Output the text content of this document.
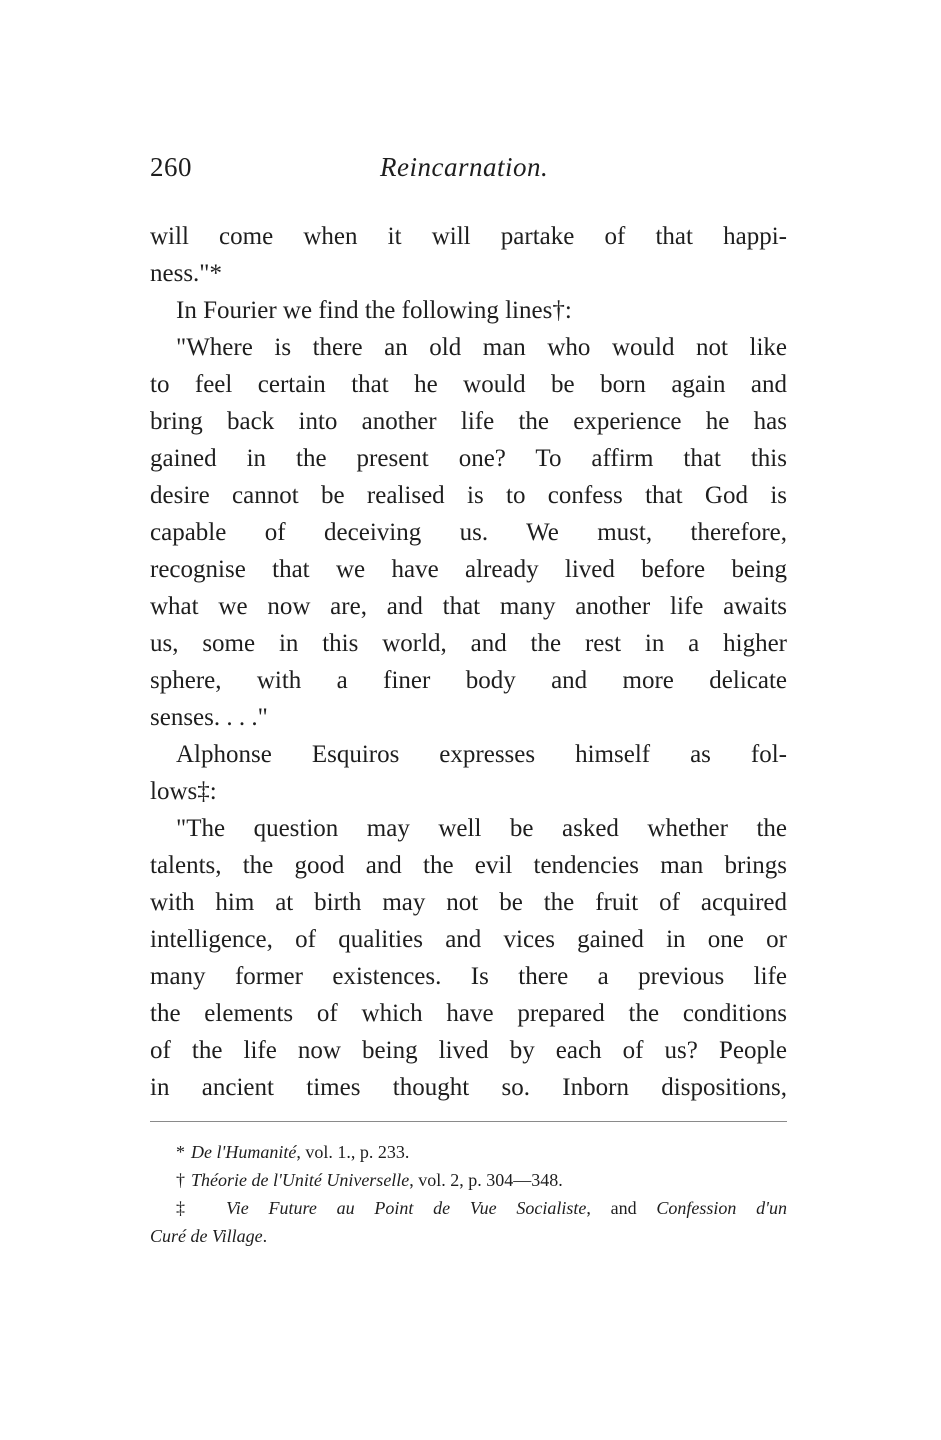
260	Reincarnation.
will come when it will partake of that happi-
ness."*
In Fourier we find the following lines†:
"Where is there an old man who would not like
to feel certain that he would be born again and
bring back into another life the experience he has
gained in the present one? To affirm that this
desire cannot be realised is to confess that God is
capable of deceiving us. We must, therefore,
recognise that we have already lived before being
what we now are, and that many another life awaits
us, some in this world, and the rest in a higher
sphere, with a finer body and more delicate
senses. . . ."
Alphonse Esquiros expresses himself as fol-
lows‡:
"The question may well be asked whether the
talents, the good and the evil tendencies man brings
with him at birth may not be the fruit of acquired
intelligence, of qualities and vices gained in one or
many former existences. Is there a previous life
the elements of which have prepared the conditions
of the life now being lived by each of us? People
in ancient times thought so. Inborn dispositions,
* De l'Humanité, vol. 1., p. 233.
† Théorie de l'Unité Universelle, vol. 2, p. 304—348.
‡ Vie Future au Point de Vue Socialiste, and Confession d'un
Curé de Village.
